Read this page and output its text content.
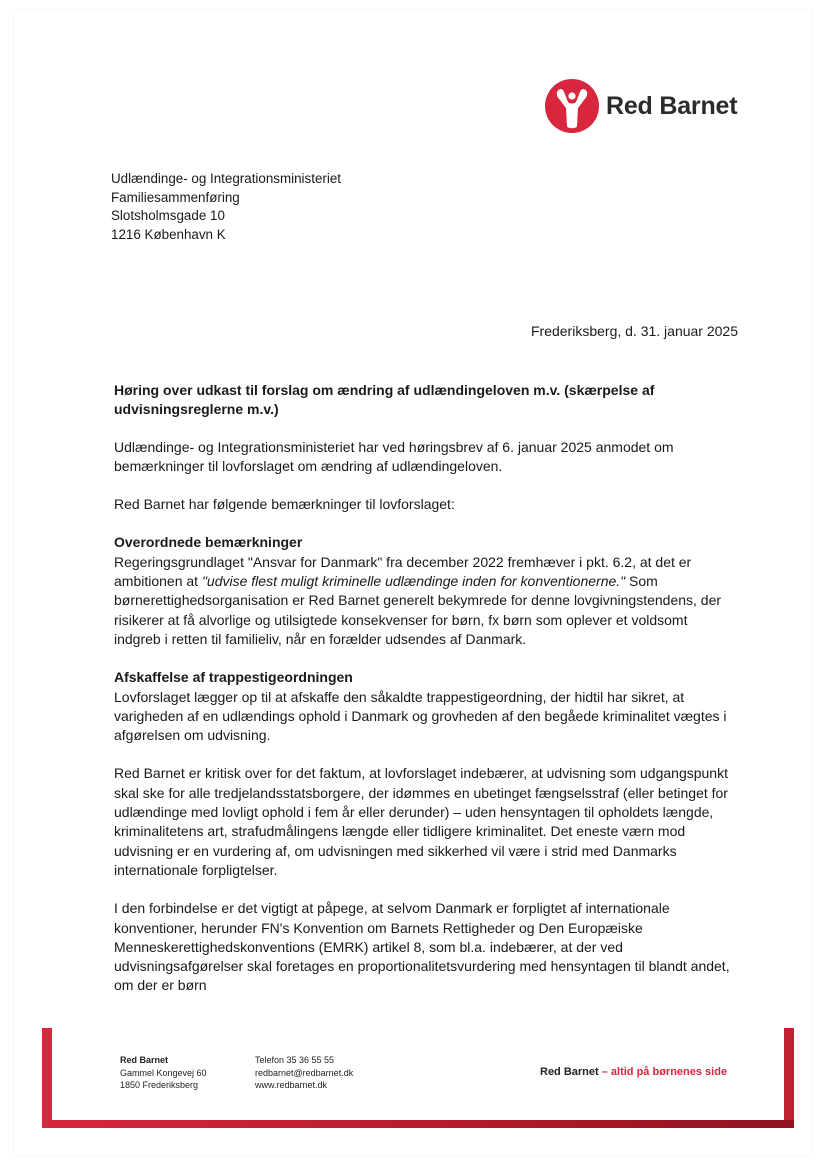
Red Barnet
Udlændinge- og Integrationsministeriet
Familiesammenføring
Slotsholmsgade 10
1216 København K
Frederiksberg, d. 31. januar 2025

Høring over udkast til forslag om ændring af udlændingeloven m.v. (skærpelse af udvisningsreglerne m.v.)

Udlændinge- og Integrationsministeriet har ved høringsbrev af 6. januar 2025 anmodet om bemærkninger til lovforslaget om ændring af udlændingeloven.

Red Barnet har følgende bemærkninger til lovforslaget:

Overordnede bemærkninger

Regeringsgrundlaget "Ansvar for Danmark" fra december 2022 fremhæver i pkt. 6.2, at det er ambitionen at "udvise flest muligt kriminelle udlændinge inden for konventionerne." Som børnerettighedsorganisation er Red Barnet generelt bekymrede for denne lovgivningstendens, der risikerer at få alvorlige og utilsigtede konsekvenser for børn, fx børn som oplever et voldsomt indgreb i retten til familieliv, når en forælder udsendes af Danmark.

Afskaffelse af trappestigeordningen

Lovforslaget lægger op til at afskaffe den såkaldte trappestigeordning, der hidtil har sikret, at varigheden af en udlændings ophold i Danmark og grovheden af den begåede kriminalitet vægtes i afgørelsen om udvisning.

Red Barnet er kritisk over for det faktum, at lovforslaget indebærer, at udvisning som udgangspunkt skal ske for alle tredjelandsstatsborgere, der idømmes en ubetinget fængselsstraf (eller betinget for udlændinge med lovligt ophold i fem år eller derunder) – uden hensyntagen til opholdets længde, kriminalitetens art, strafudmålingens længde eller tidligere kriminalitet. Det eneste værn mod udvisning er en vurdering af, om udvisningen med sikkerhed vil være i strid med Danmarks internationale forpligtelser.

I den forbindelse er det vigtigt at påpege, at selvom Danmark er forpligtet af internationale konventioner, herunder FN's Konvention om Barnets Rettigheder og Den Europæiske Menneskerettighedskonventions (EMRK) artikel 8, som bl.a. indebærer, at der ved udvisningsafgørelser skal foretages en proportionalitetsvurdering med hensyntagen til blandt andet, om der er børn

Red Barnet
Gammel Kongevej 60
1850 Frederiksberg
Telefon 35 36 55 55
redbarnet@redbarnet.dk
www.redbarnet.dk
Red Barnet – altid på børnenes side
